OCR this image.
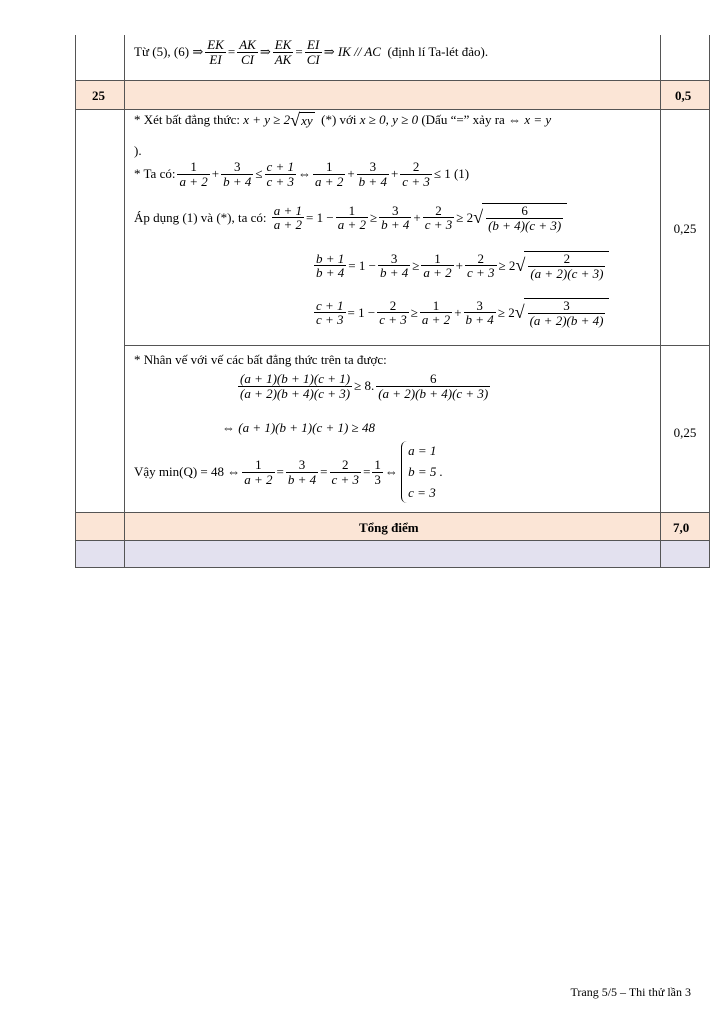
Từ (5), (6)
⇒ $\frac{EK}{EI} = \frac{AK}{CI}$ ⇒ $\frac{EK}{AK} = \frac{EI}{CI}$ ⇒
IK // AC
(định lí Ta-lét đảo).
25	0,5
* Xét bất đẳng thức:
x + y ≥ 2 √ xy
(*) với
x ≥ 0,
y ≥ 0
(Dấu “=” xảy ra
⇔ x = y
).
* Ta có: $\frac{1}{a + 2} + \frac{3}{b + 4} \le \frac{c + 1}{c + 3}$ ⇔ $\frac{1}{a + 2} + \frac{3}{b + 4} + \frac{2}{c + 3} \le 1$ (1)
Áp dụng (1) và (*), ta có:
$\frac{a + 1}{a + 2} = 1 - \frac{1}{a + 2} \ge \frac{3}{b + 4} + \frac{2}{c + 3} \ge 2$ √ $\frac{6}{(b + 4)(c + 3)}$
$\frac{b + 1}{b + 4} = 1 - \frac{3}{b + 4} \ge \frac{1}{a + 2} + \frac{2}{c + 3} \ge 2$ √ $\frac{2}{(a + 2)(c + 3)}$
$\frac{c + 1}{c + 3} = 1 - \frac{2}{c + 3} \ge \frac{1}{a + 2} + \frac{3}{b + 4} \ge 2$ √ $\frac{3}{(a + 2)(b + 4)}$
0,25
* Nhân vế với vế các bất đẳng thức trên ta được:
$\frac{(a + 1)(b + 1)(c + 1)}{(a + 2)(b + 4)(c + 3)} \ge 8$. $\frac{6}{(a + 2)(b + 4)(c + 3)}$
⇔ (a + 1)(b + 1)(c + 1) ≥ 48
Vậy min(Q) = 48 ⇔ $\frac{1}{a + 2} = \frac{3}{b + 4} = \frac{2}{c + 3} = \frac{1}{3}$ ⇔

a = 1
b = 5 .
c = 3
0,25
Tổng điểm	7,0
Trang 5/5 – Thi thử lần 3
